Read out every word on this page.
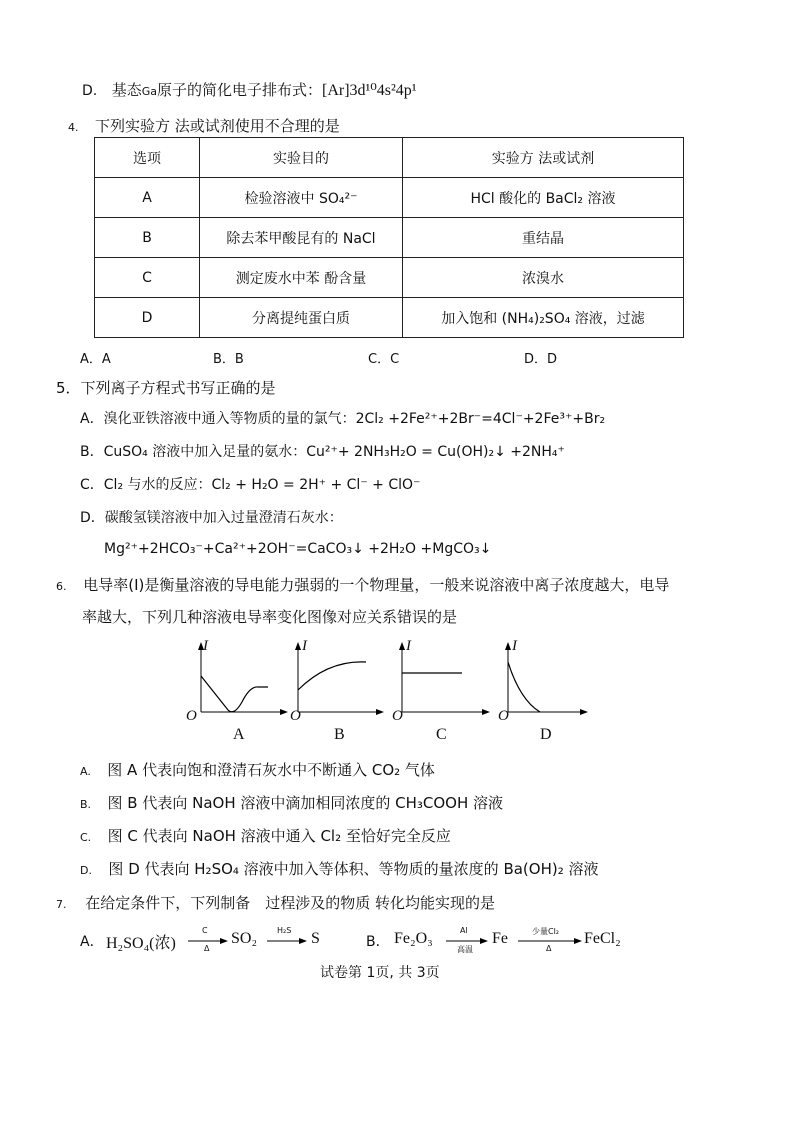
D. 基态Ga原子的简化电子排布式：[Ar]3d¹⁰4s²4p¹
4. 下列实验方 法或试剂使用不合理的是
选项	实验目的	实验方 法或试剂
A	检验溶液中 SO₄²⁻	HCl 酸化的 BaCl₂ 溶液
B	除去苯甲酸昆有的 NaCl	重结晶
C	测定废水中苯 酚含量	浓溴水
D	分离提纯蛋白质	加入饱和 (NH₄)₂SO₄ 溶液，过滤
A．A	B．B	C．C	D．D
5．下列离子方程式书写正确的是
A．溴化亚铁溶液中通入等物质的量的氯气：2Cl₂ +2Fe²⁺+2Br⁻=4Cl⁻+2Fe³⁺+Br₂
B．CuSO₄ 溶液中加入足量的氨水：Cu²⁺+ 2NH₃H₂O = Cu(OH)₂↓ +2NH₄⁺
C．Cl₂ 与水的反应：Cl₂ + H₂O = 2H⁺ + Cl⁻ + ClO⁻
D．碳酸氢镁溶液中加入过量澄清石灰水：
Mg²⁺+2HCO₃⁻+Ca²⁺+2OH⁻=CaCO₃↓ +2H₂O +MgCO₃↓
6. 电导率(I)是衡量溶液的导电能力强弱的一个物理量，一般来说溶液中离子浓度越大，电导
率越大，下列几种溶液电导率变化图像对应关系错误的是
I
O
A
I
O
B
I
O
C
I
O
D
A. 图 A 代表向饱和澄清石灰水中不断通入 CO₂ 气体
B. 图 B 代表向 NaOH 溶液中滴加相同浓度的 CH₃COOH 溶液
C. 图 C 代表向 NaOH 溶液中通入 Cl₂ 至恰好完全反应
D. 图 D 代表向 H₂SO₄ 溶液中加入等体积、等物质的量浓度的 Ba(OH)₂ 溶液
7. 在给定条件下，下列制备　过程涉及的物质 转化均能实现的是
A． H₂SO₄(浓)
C
Δ
SO₂ H₂S S	B． Fe₂O₃	Al
高温
Fe	少量Cl₂
Δ
FeCl₂
试卷第 1页, 共 3页
